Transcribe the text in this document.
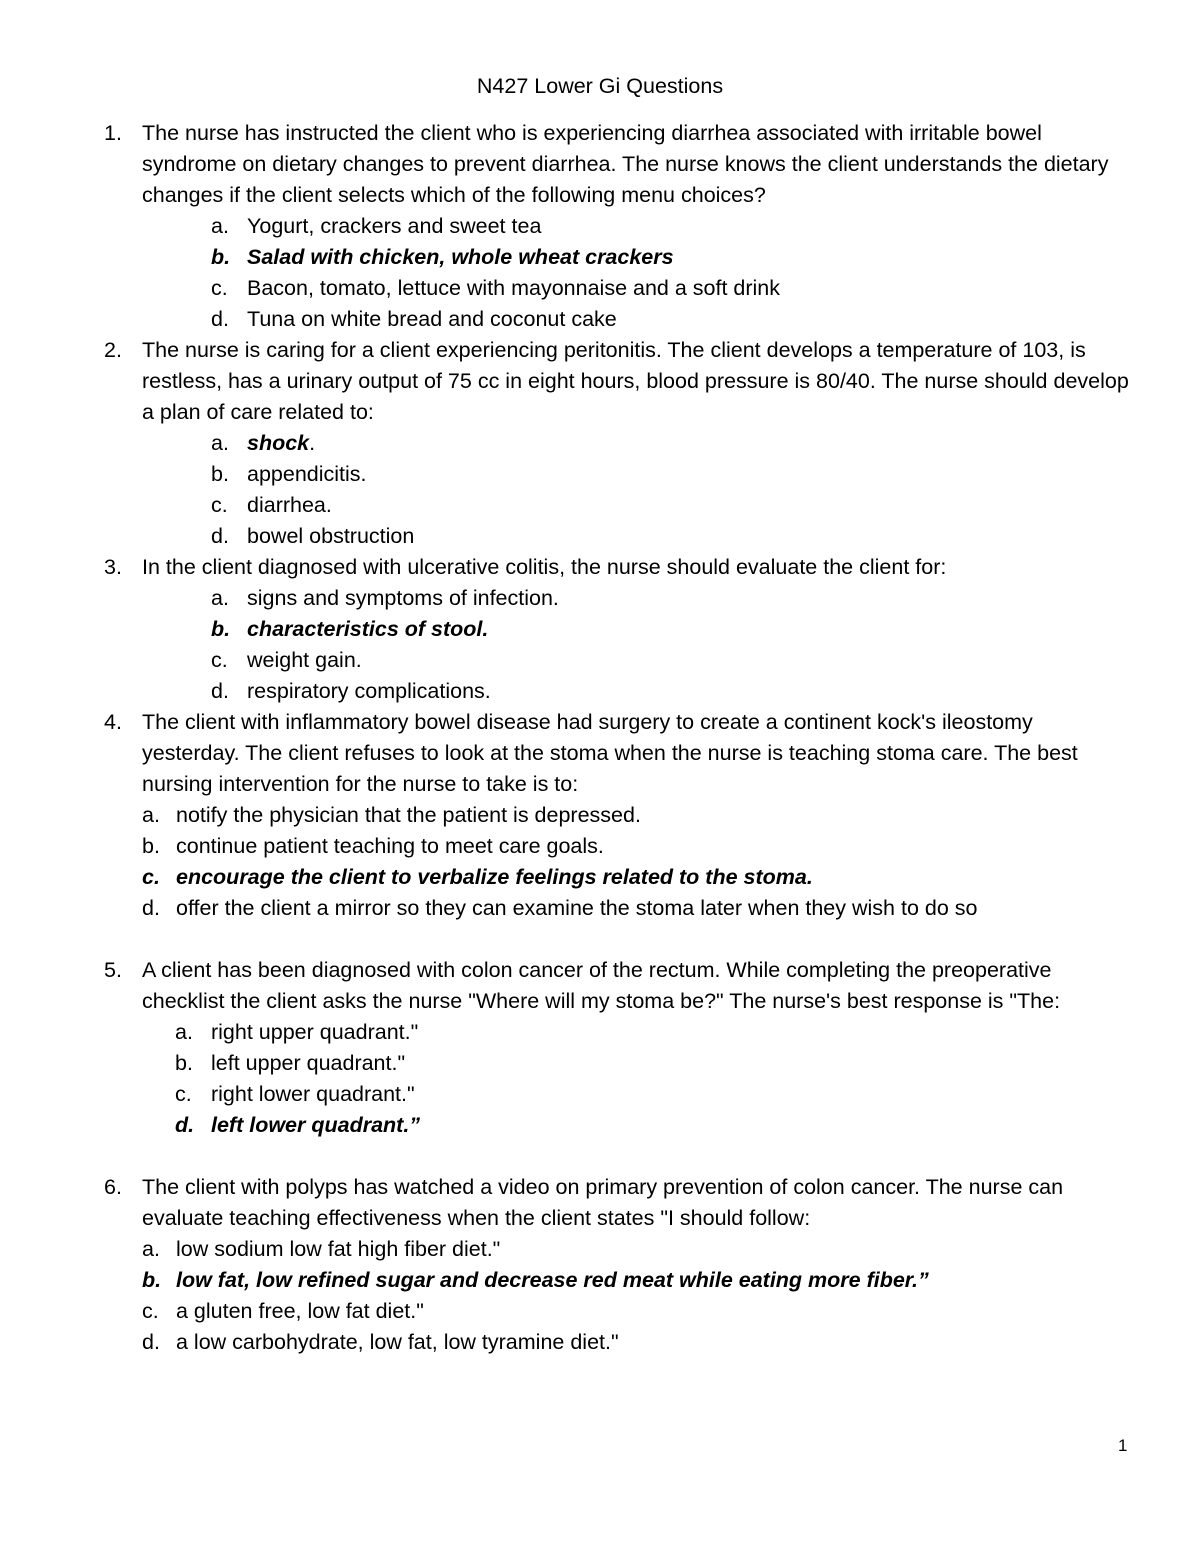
N427 Lower Gi Questions
1. The nurse has instructed the client who is experiencing diarrhea associated with irritable bowel syndrome on dietary changes to prevent diarrhea. The nurse knows the client understands the dietary changes if the client selects which of the following menu choices?
a. Yogurt, crackers and sweet tea
b. Salad with chicken, whole wheat crackers
c. Bacon, tomato, lettuce with mayonnaise and a soft drink
d. Tuna on white bread and coconut cake
2. The nurse is caring for a client experiencing peritonitis. The client develops a temperature of 103, is restless, has a urinary output of 75 cc in eight hours, blood pressure is 80/40. The nurse should develop a plan of care related to:
a. shock.
b. appendicitis.
c. diarrhea.
d. bowel obstruction
3. In the client diagnosed with ulcerative colitis, the nurse should evaluate the client for:
a. signs and symptoms of infection.
b. characteristics of stool.
c. weight gain.
d. respiratory complications.
4. The client with inflammatory bowel disease had surgery to create a continent kock's ileostomy yesterday. The client refuses to look at the stoma when the nurse is teaching stoma care. The best nursing intervention for the nurse to take is to:
a. notify the physician that the patient is depressed.
b. continue patient teaching to meet care goals.
c. encourage the client to verbalize feelings related to the stoma.
d. offer the client a mirror so they can examine the stoma later when they wish to do so
5. A client has been diagnosed with colon cancer of the rectum. While completing the preoperative checklist the client asks the nurse "Where will my stoma be?" The nurse's best response is "The:
a. right upper quadrant."
b. left upper quadrant."
c. right lower quadrant."
d. left lower quadrant.”
6. The client with polyps has watched a video on primary prevention of colon cancer. The nurse can evaluate teaching effectiveness when the client states "I should follow:
a. low sodium low fat high fiber diet."
b. low fat, low refined sugar and decrease red meat while eating more fiber.”
c. a gluten free, low fat diet."
d. a low carbohydrate, low fat, low tyramine diet."
1
